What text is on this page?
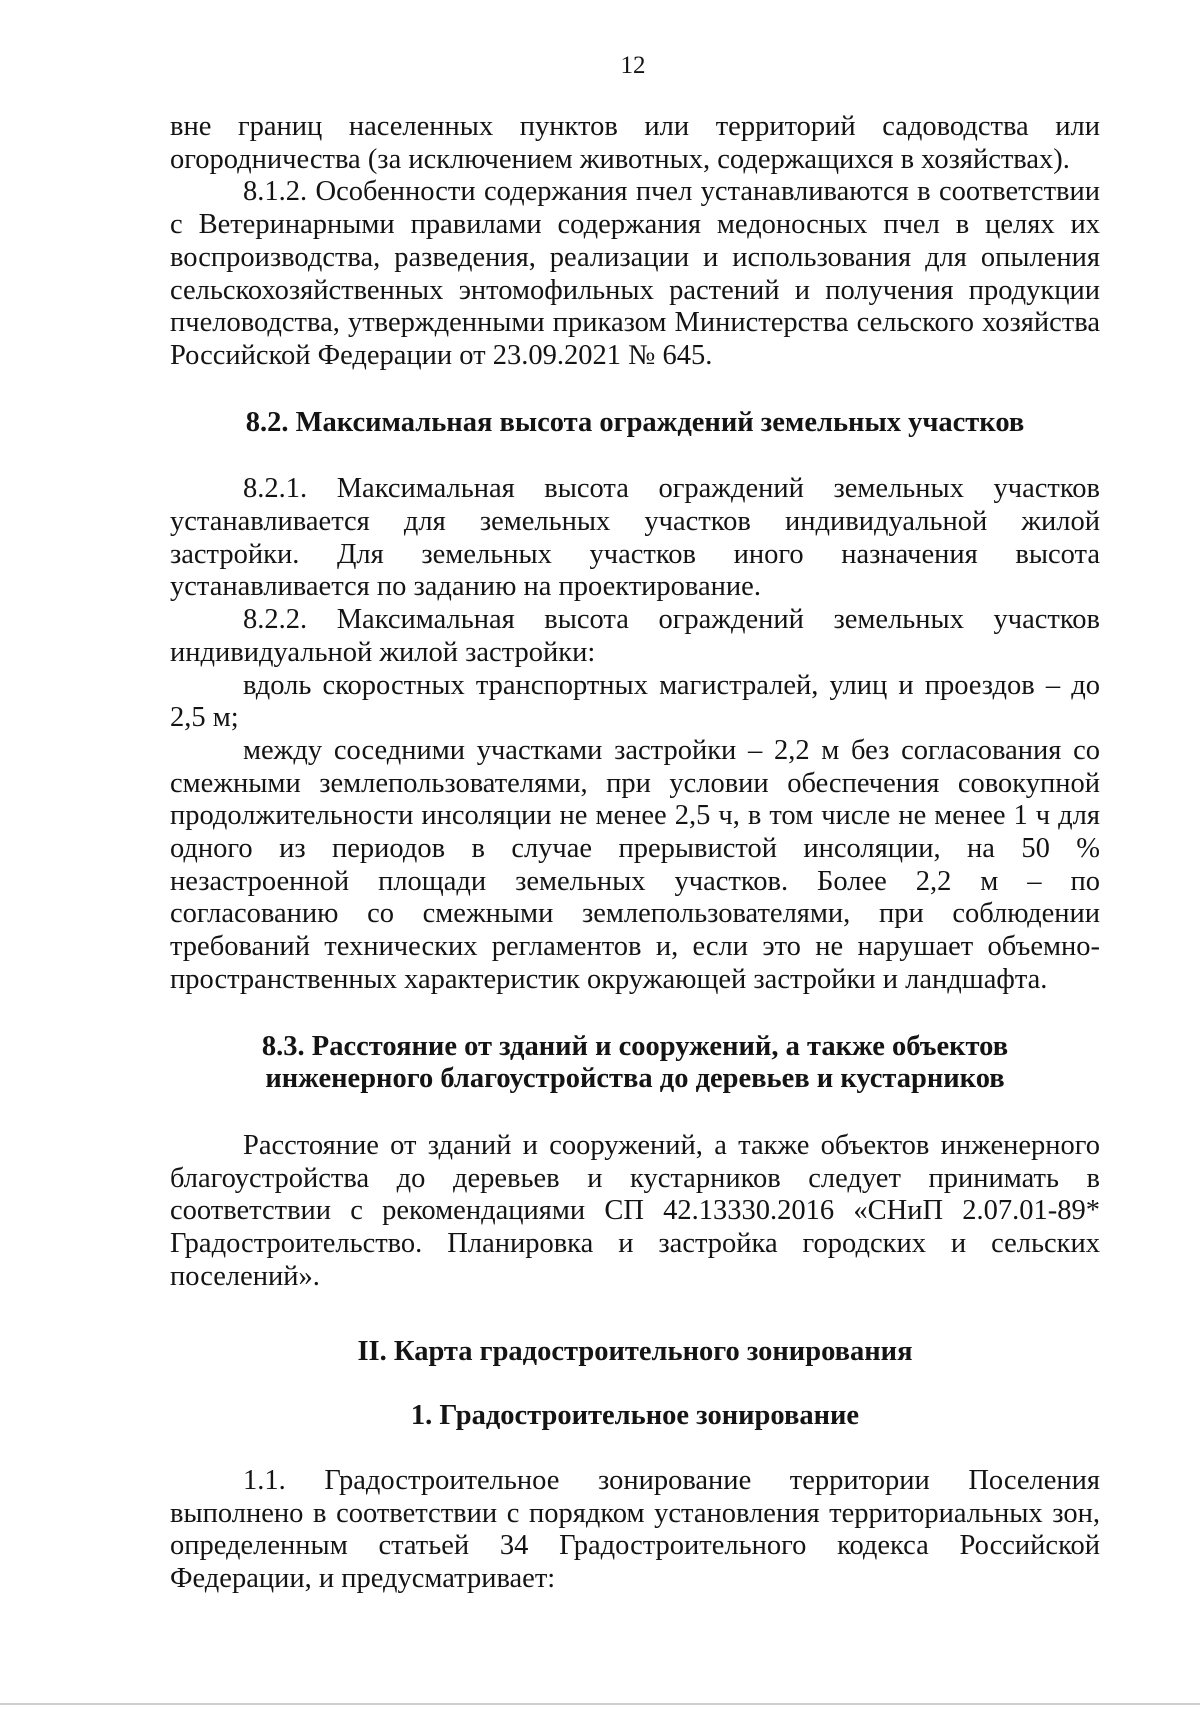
12

вне границ населенных пунктов или территорий садоводства или огородничества (за исключением животных, содержащихся в хозяйствах).

8.1.2. Особенности содержания пчел устанавливаются в соответствии с Ветеринарными правилами содержания медоносных пчел в целях их воспроизводства, разведения, реализации и использования для опыления сельскохозяйственных энтомофильных растений и получения продукции пчеловодства, утвержденными приказом Министерства сельского хозяйства Российской Федерации от 23.09.2021 № 645.

8.2. Максимальная высота ограждений земельных участков

8.2.1. Максимальная высота ограждений земельных участков устанавливается для земельных участков индивидуальной жилой застройки. Для земельных участков иного назначения высота устанавливается по заданию на проектирование.

8.2.2. Максимальная высота ограждений земельных участков индивидуальной жилой застройки:

вдоль скоростных транспортных магистралей, улиц и проездов – до 2,5 м;

между соседними участками застройки – 2,2 м без согласования со смежными землепользователями, при условии обеспечения совокупной продолжительности инсоляции не менее 2,5 ч, в том числе не менее 1 ч для одного из периодов в случае прерывистой инсоляции, на 50 % незастроенной площади земельных участков. Более 2,2 м – по согласованию со смежными землепользователями, при соблюдении требований технических регламентов и, если это не нарушает объемно-пространственных характеристик окружающей застройки и ландшафта.

8.3. Расстояние от зданий и сооружений, а также объектов

инженерного благоустройства до деревьев и кустарников

Расстояние от зданий и сооружений, а также объектов инженерного благоустройства до деревьев и кустарников следует принимать в соответствии с рекомендациями СП 42.13330.2016 «СНиП 2.07.01-89* Градостроительство. Планировка и застройка городских и сельских поселений».

II. Карта градостроительного зонирования

1. Градостроительное зонирование

1.1. Градостроительное зонирование территории Поселения выполнено в соответствии с порядком установления территориальных зон, определенным статьей 34 Градостроительного кодекса Российской Федерации, и предусматривает:
